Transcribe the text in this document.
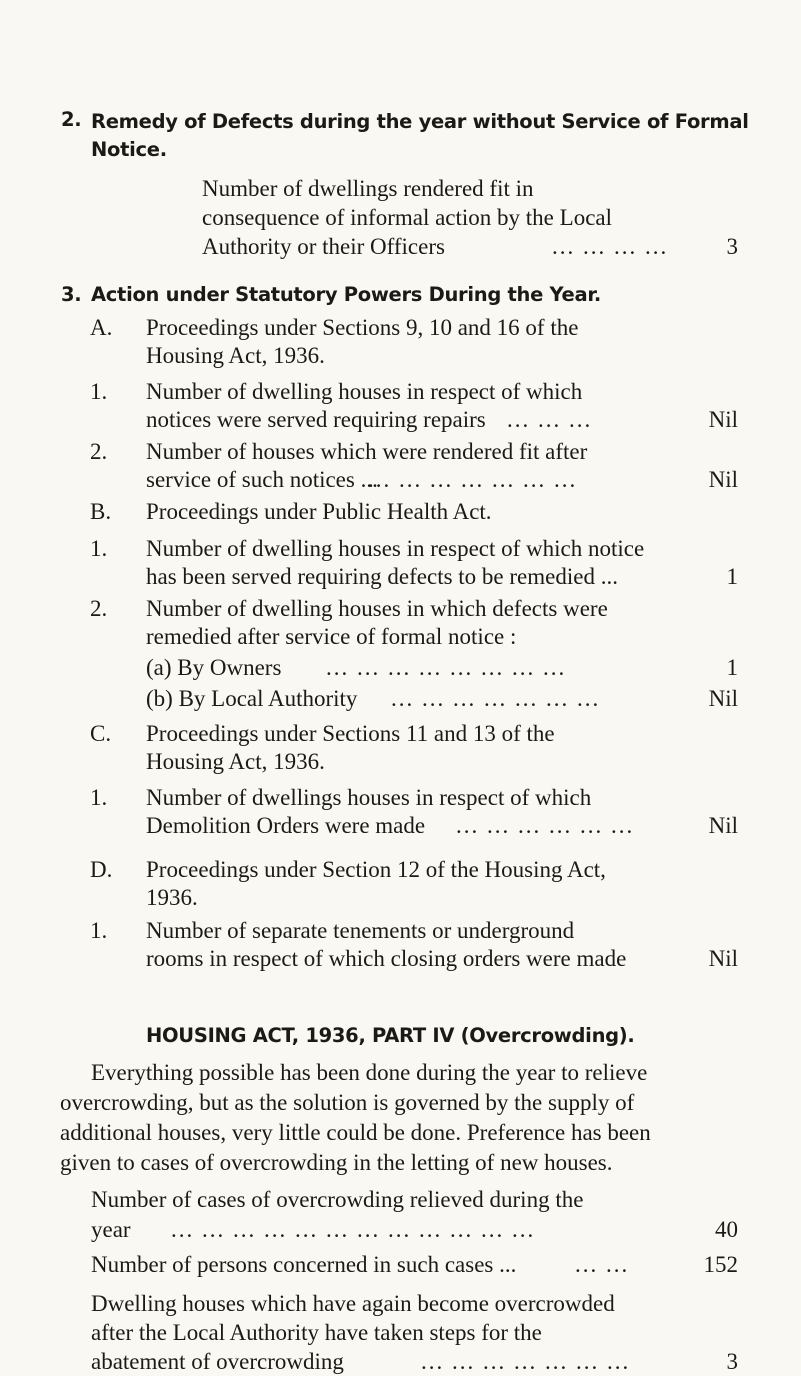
2. Remedy of Defects during the year without Service of Formal
Notice.
Number of dwellings rendered fit in
consequence of informal action by the Local
Authority or their Officers	... ... ... ...	3
3. Action under Statutory Powers During the Year.
A. Proceedings under Sections 9, 10 and 16 of the
Housing Act, 1936.
1. Number of dwelling houses in respect of which
notices were served requiring repairs ... ... ...	Nil
2. Number of houses which were rendered fit after
service of such notices ...
... ... ... ... ... ... ...	Nil
B. Proceedings under Public Health Act.
1. Number of dwelling houses in respect of which notice
has been served requiring defects to be remedied ...	1
2. Number of dwelling houses in which defects were
remedied after service of formal notice :
(a) By Owners ... ... ... ... ... ... ... ...	1
(b) By Local Authority ... ... ... ... ... ... ...	Nil
C. Proceedings under Sections 11 and 13 of the
Housing Act, 1936.
1. Number of dwellings houses in respect of which
Demolition Orders were made ... ... ... ... ... ...	Nil
D. Proceedings under Section 12 of the Housing Act,
1936.
1. Number of separate tenements or underground
rooms in respect of which closing orders were made	Nil
HOUSING ACT, 1936, PART IV (Overcrowding).
Everything possible has been done during the year to relieve
overcrowding, but as the solution is governed by the supply of
additional houses, very little could be done. Preference has been
given to cases of overcrowding in the letting of new houses.
Number of cases of overcrowding relieved during the
year ... ... ... ... ... ... ... ... ... ... ... ...	40
Number of persons concerned in such cases ...	... ...	152
Dwelling houses which have again become overcrowded
after the Local Authority have taken steps for the
abatement of overcrowding	... ... ... ... ... ... ...	3
